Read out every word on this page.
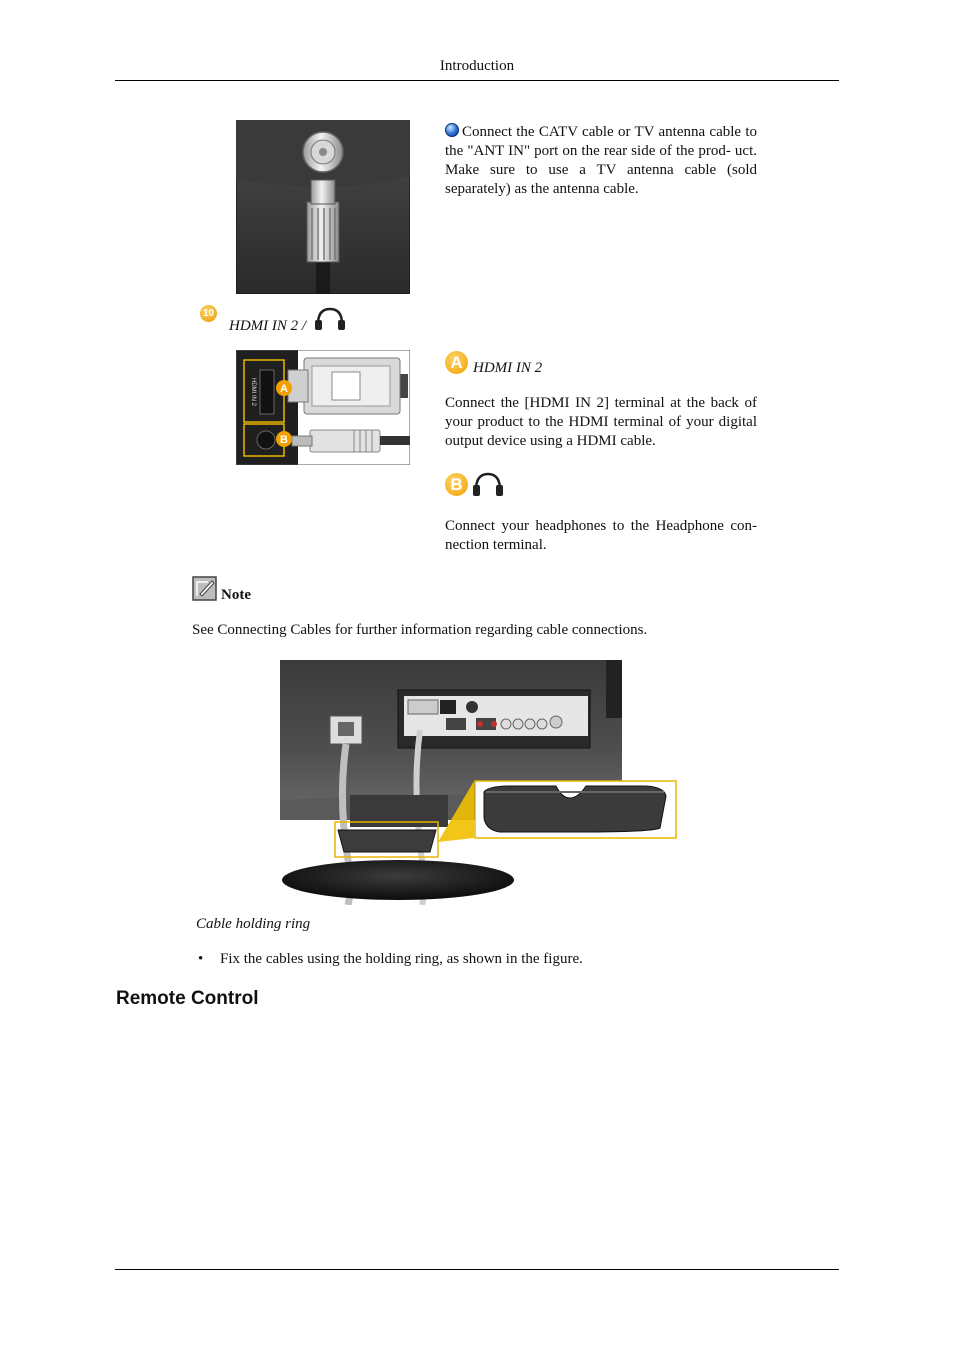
Introduction
Connect the CATV cable or TV antenna cable to the "ANT IN" port on the rear side of the prod- uct. Make sure to use a TV antenna cable (sold separately) as the antenna cable.
10
HDMI IN 2 /
HDMI IN 2 A
B
A HDMI IN 2
Connect the [HDMI IN 2] terminal at the back of your product to the HDMI terminal of your digital output device using a HDMI cable.
B
Connect your headphones to the Headphone con- nection terminal.
Note
See Connecting Cables for further information regarding cable connections.
Cable holding ring
• Fix the cables using the holding ring, as shown in the figure.
Remote Control
